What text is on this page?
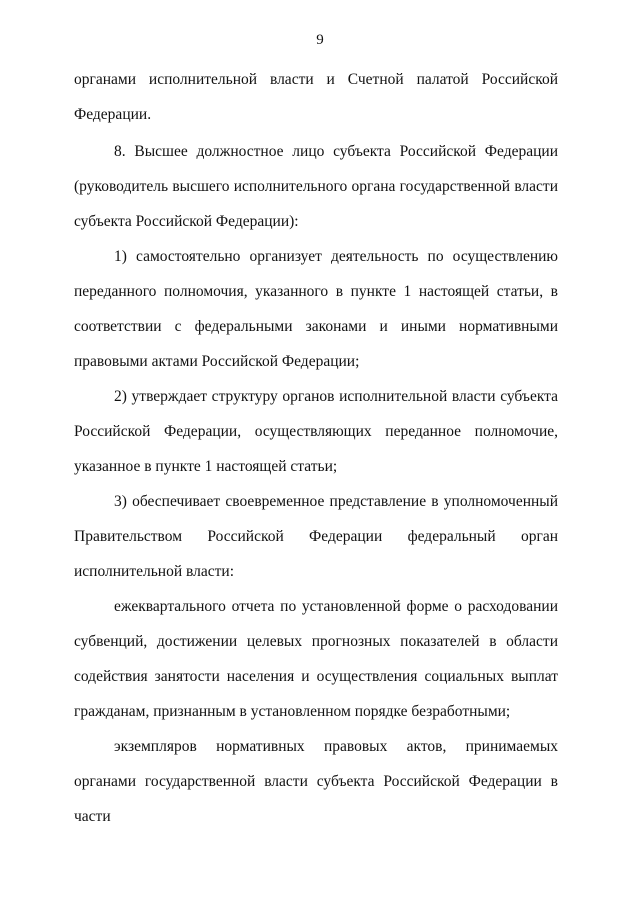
9

органами исполнительной власти и Счетной палатой Российской Федерации.

8. Высшее должностное лицо субъекта Российской Федерации (руководитель высшего исполнительного органа государственной власти субъекта Российской Федерации):

1) самостоятельно организует деятельность по осуществлению переданного полномочия, указанного в пункте 1 настоящей статьи, в соответствии с федеральными законами и иными нормативными правовыми актами Российской Федерации;

2) утверждает структуру органов исполнительной власти субъекта Российской Федерации, осуществляющих переданное полномочие, указанное в пункте 1 настоящей статьи;

3) обеспечивает своевременное представление в уполномоченный
Правительством Российской Федерации федеральный орган
исполнительной власти:

ежеквартального отчета по установленной форме о расходовании субвенций, достижении целевых прогнозных показателей в области содействия занятости населения и осуществления социальных выплат гражданам, признанным в установленном порядке безработными;

экземпляров нормативных правовых актов, принимаемых органами государственной власти субъекта Российской Федерации в части
